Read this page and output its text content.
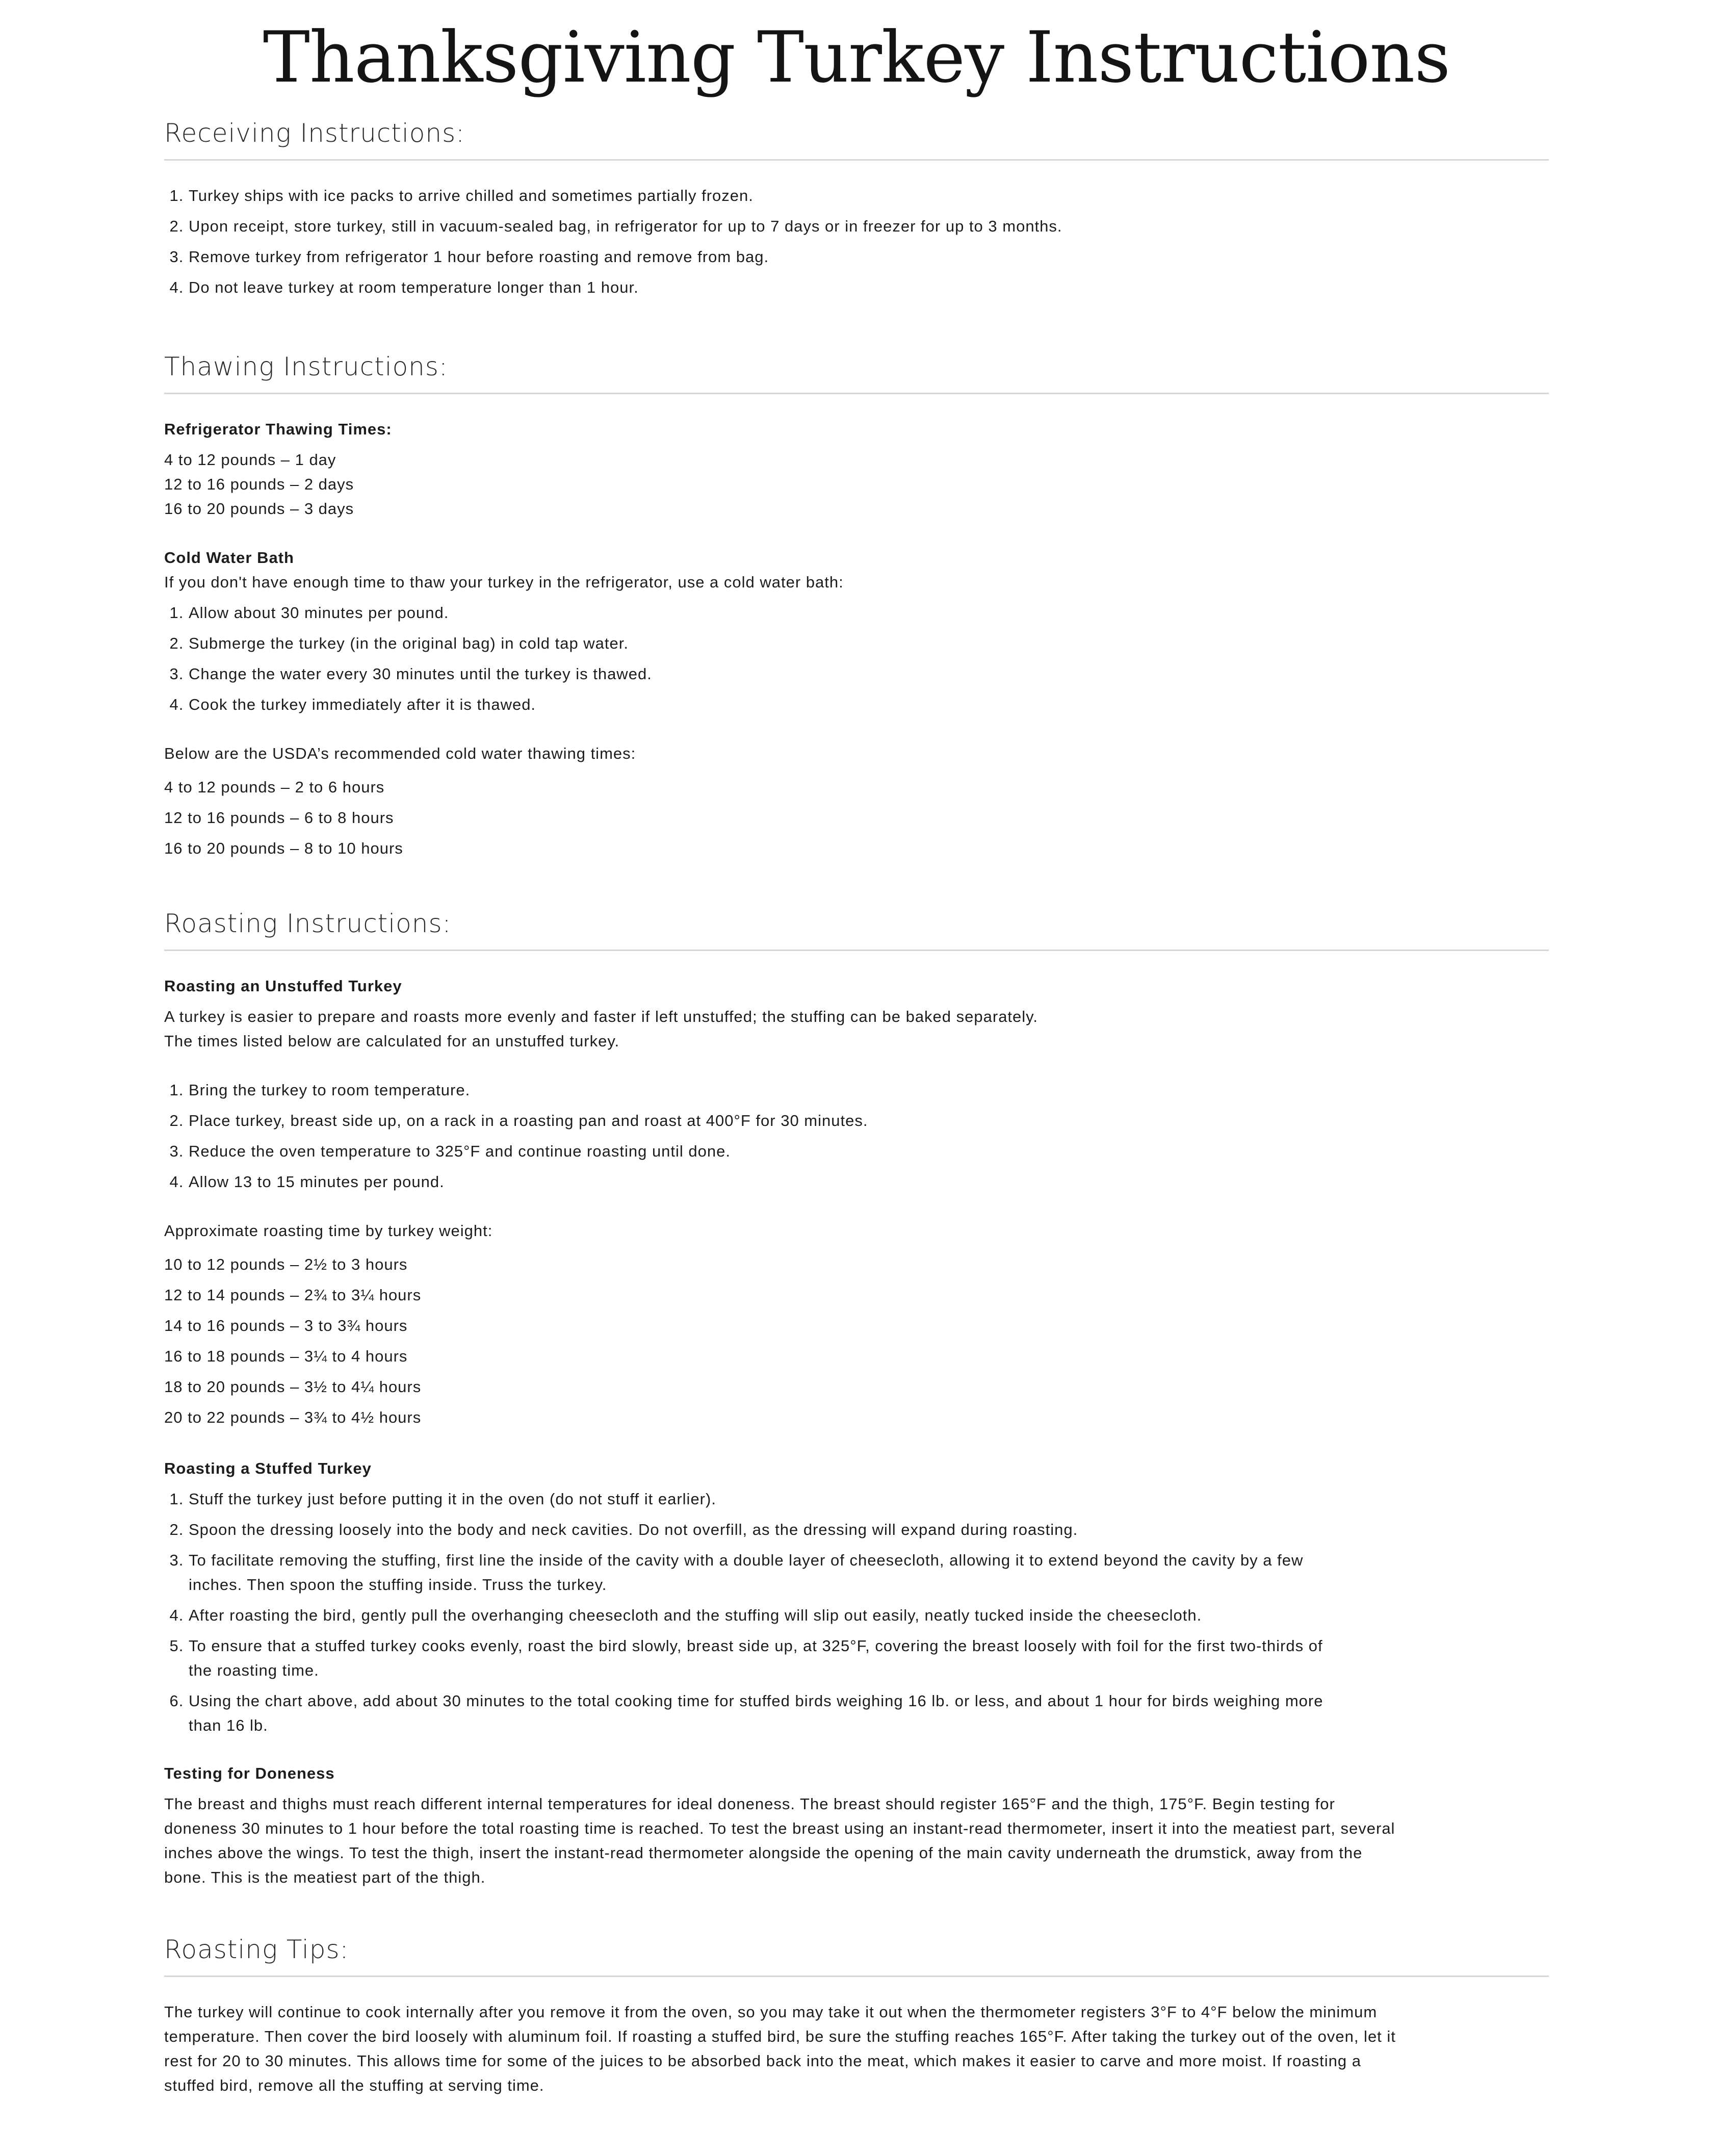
Thanksgiving Turkey Instructions
Receiving Instructions:
1. Turkey ships with ice packs to arrive chilled and sometimes partially frozen.
2. Upon receipt, store turkey, still in vacuum-sealed bag, in refrigerator for up to 7 days or in freezer for up to 3 months.
3. Remove turkey from refrigerator 1 hour before roasting and remove from bag.
4. Do not leave turkey at room temperature longer than 1 hour.
Thawing Instructions:

Refrigerator Thawing Times:

4 to 12 pounds – 1 day
12 to 16 pounds – 2 days
16 to 20 pounds – 3 days

Cold Water Bath

If you don't have enough time to thaw your turkey in the refrigerator, use a cold water bath:

1. Allow about 30 minutes per pound.
2. Submerge the turkey (in the original bag) in cold tap water.
3. Change the water every 30 minutes until the turkey is thawed.
4. Cook the turkey immediately after it is thawed.

Below are the USDA’s recommended cold water thawing times:

4 to 12 pounds – 2 to 6 hours
12 to 16 pounds – 6 to 8 hours
16 to 20 pounds – 8 to 10 hours
Roasting Instructions:

Roasting an Unstuffed Turkey

A turkey is easier to prepare and roasts more evenly and faster if left unstuffed; the stuffing can be baked separately.

The times listed below are calculated for an unstuffed turkey.

1. Bring the turkey to room temperature.
2. Place turkey, breast side up, on a rack in a roasting pan and roast at 400°F for 30 minutes.
3. Reduce the oven temperature to 325°F and continue roasting until done.
4. Allow 13 to 15 minutes per pound.

Approximate roasting time by turkey weight:

10 to 12 pounds – 2½ to 3 hours
12 to 14 pounds – 2¾ to 3¼ hours
14 to 16 pounds – 3 to 3¾ hours
16 to 18 pounds – 3¼ to 4 hours
18 to 20 pounds – 3½ to 4¼ hours
20 to 22 pounds – 3¾ to 4½ hours

Roasting a Stuffed Turkey

1. Stuff the turkey just before putting it in the oven (do not stuff it earlier).
2. Spoon the dressing loosely into the body and neck cavities. Do not overfill, as the dressing will expand during roasting.
3. To facilitate removing the stuffing, first line the inside of the cavity with a double layer of cheesecloth, allowing it to extend beyond the cavity by a few inches. Then spoon the stuffing inside. Truss the turkey.
4. After roasting the bird, gently pull the overhanging cheesecloth and the stuffing will slip out easily, neatly tucked inside the cheesecloth.
5. To ensure that a stuffed turkey cooks evenly, roast the bird slowly, breast side up, at 325°F, covering the breast loosely with foil for the first two-thirds of the roasting time.
6. Using the chart above, add about 30 minutes to the total cooking time for stuffed birds weighing 16 lb. or less, and about 1 hour for birds weighing more than 16 lb.

Testing for Doneness

The breast and thighs must reach different internal temperatures for ideal doneness. The breast should register 165°F and the thigh, 175°F. Begin testing for doneness 30 minutes to 1 hour before the total roasting time is reached. To test the breast using an instant-read thermometer, insert it into the meatiest part, several inches above the wings. To test the thigh, insert the instant-read thermometer alongside the opening of the main cavity underneath the drumstick, away from the bone. This is the meatiest part of the thigh.

Roasting Tips:

The turkey will continue to cook internally after you remove it from the oven, so you may take it out when the thermometer registers 3°F to 4°F below the minimum temperature. Then cover the bird loosely with aluminum foil. If roasting a stuffed bird, be sure the stuffing reaches 165°F. After taking the turkey out of the oven, let it rest for 20 to 30 minutes. This allows time for some of the juices to be absorbed back into the meat, which makes it easier to carve and more moist. If roasting a stuffed bird, remove all the stuffing at serving time.
